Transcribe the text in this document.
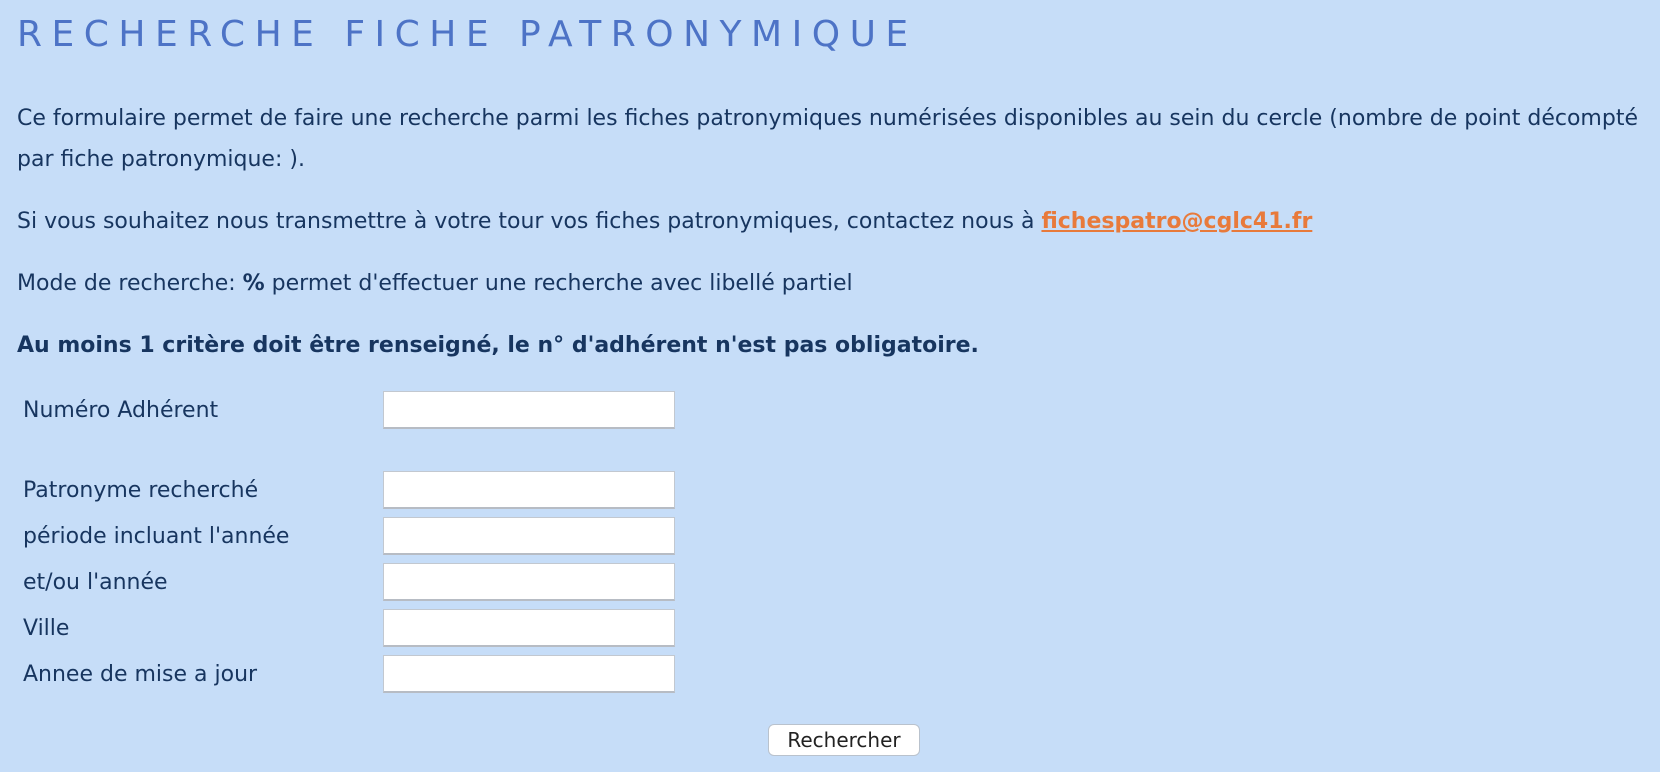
RECHERCHE FICHE PATRONYMIQUE

Ce formulaire permet de faire une recherche parmi les fiches patronymiques numérisées disponibles au sein du cercle (nombre de point décompté

par fiche patronymique: ).

Si vous souhaitez nous transmettre à votre tour vos fiches patronymiques, contactez nous à fichespatro@cglc41.fr

Mode de recherche: % permet d'effectuer une recherche avec libellé partiel

Au moins 1 critère doit être renseigné, le n° d'adhérent n'est pas obligatoire.

Numéro Adhérent
Patronyme recherché
période incluant l'année
et/ou l'année
Ville
Annee de mise a jour
Rechercher
